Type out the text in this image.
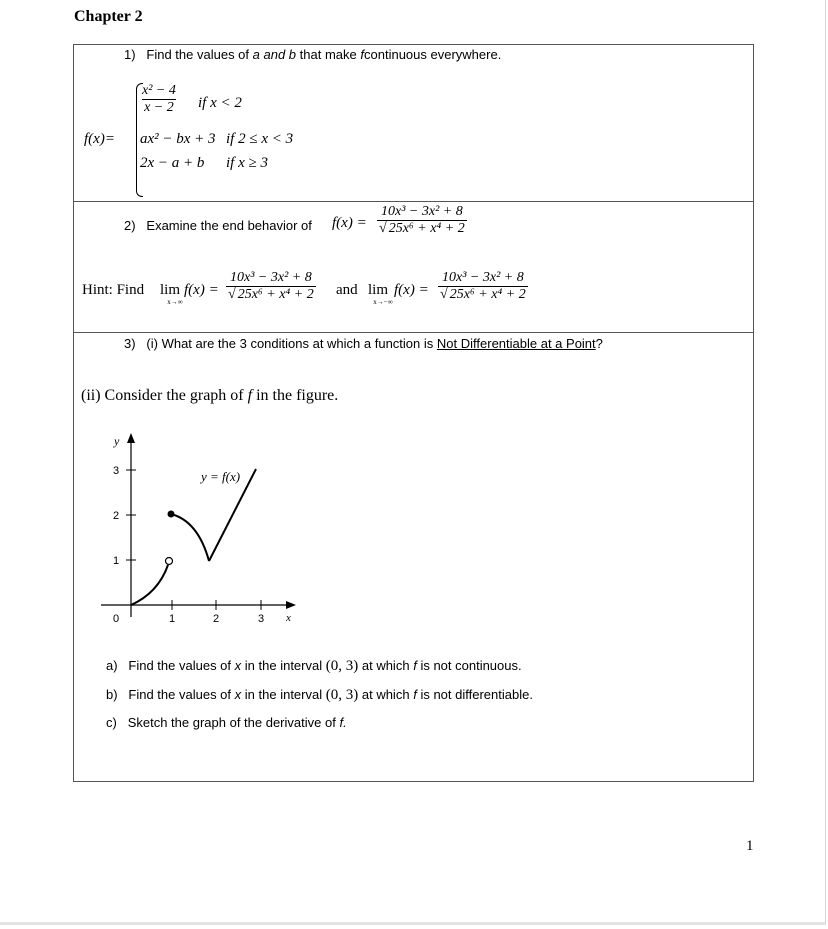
Chapter 2
1) Find the values of a and b that make fcontinuous everywhere.
f(x)=
$\frac{\text{x² − 4}}{x - 2}$ if x < 2
ax² − bx + 3 if 2 ≤ x < 3
2x − a + b if x ≥ 3
2) Examine the end behavior of $f(x) = \frac{\text{10x³ − 3x² + 8}}{\text{√ 25x⁶ + x⁴ + 2}}$
Hint: Find lim
x→∞
$f(x) = \frac{\text{10x³ − 3x² + 8}}{\text{√ 25x⁶ + x⁴ + 2}}$ and lim
x→−∞
$f(x) = \frac{\text{10x³ − 3x² + 8}}{\text{√ 25x⁶ + x⁴ + 2}}$
3) (i) What are the 3 conditions at which a function is Not Differentiable at a Point?
(ii) Consider the graph of f in the figure.
y
x
3
2
1
0	1	2	3
y = f(x)
a) Find the values of x in the interval (0, 3) at which f is not continuous.
b) Find the values of x in the interval (0, 3) at which f is not differentiable.
c) Sketch the graph of the derivative of f.
1
